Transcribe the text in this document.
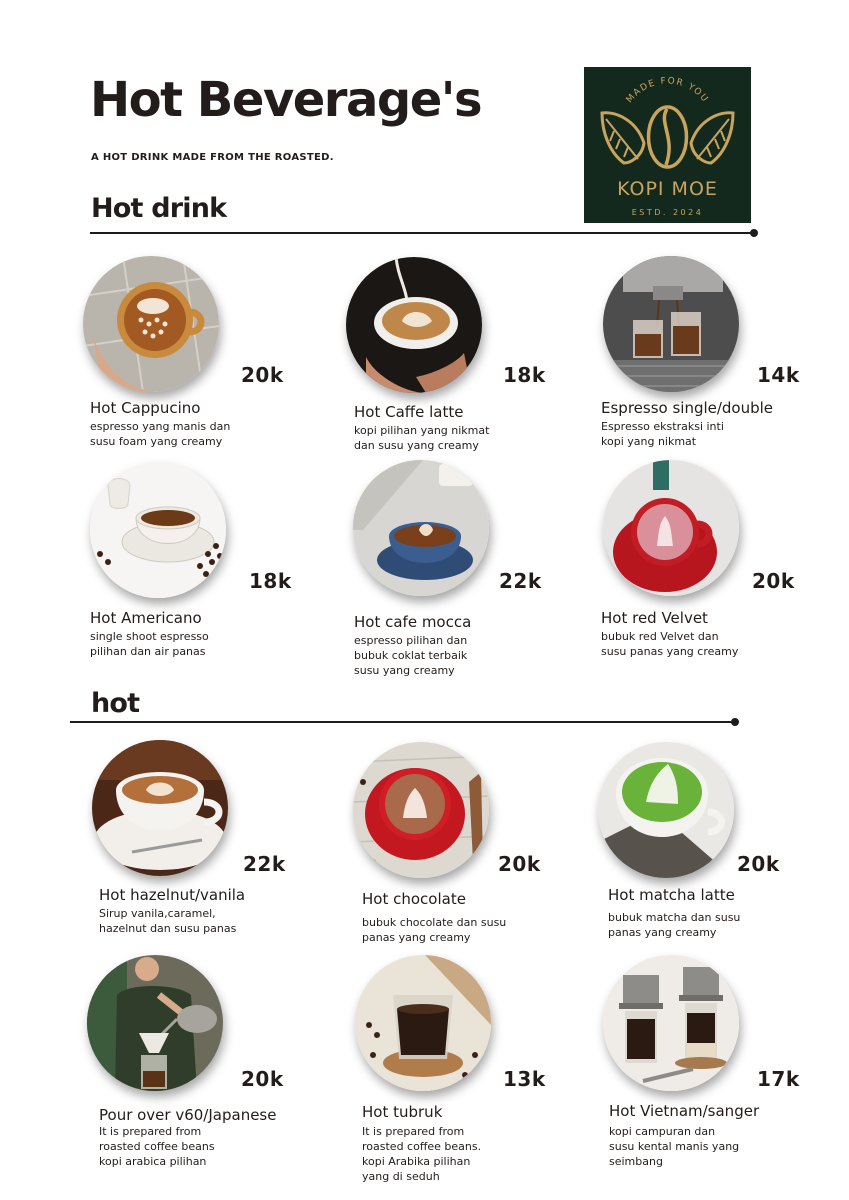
Hot Beverage's
A HOT DRINK MADE FROM THE ROASTED.
MADE FOR YOU
KOPI MOE
ESTD. 2024
Hot drink
hot
20k
Hot Cappucino
espresso yang manis dan
susu foam yang creamy
18k
Hot Caffe latte
kopi pilihan yang nikmat
dan susu yang creamy
14k
Espresso single/double
Espresso ekstraksi inti
kopi yang nikmat
18k
Hot Americano
single shoot espresso
pilihan dan air panas
22k
Hot cafe mocca
espresso pilihan dan
bubuk coklat terbaik
susu yang creamy
20k
Hot red Velvet
bubuk red Velvet dan
susu panas yang creamy
22k
Hot hazelnut/vanila
Sirup vanila,caramel,
hazelnut dan susu panas
20k
Hot chocolate
bubuk chocolate dan susu
panas yang creamy
20k
Hot matcha latte
bubuk matcha dan susu
panas yang creamy
20k
Pour over v60/Japanese
It is prepared from
roasted coffee beans
kopi arabica pilihan
13k
Hot tubruk
It is prepared from
roasted coffee beans.
kopi Arabika pilihan
yang di seduh
17k
Hot Vietnam/sanger
kopi campuran dan
susu kental manis yang
seimbang
